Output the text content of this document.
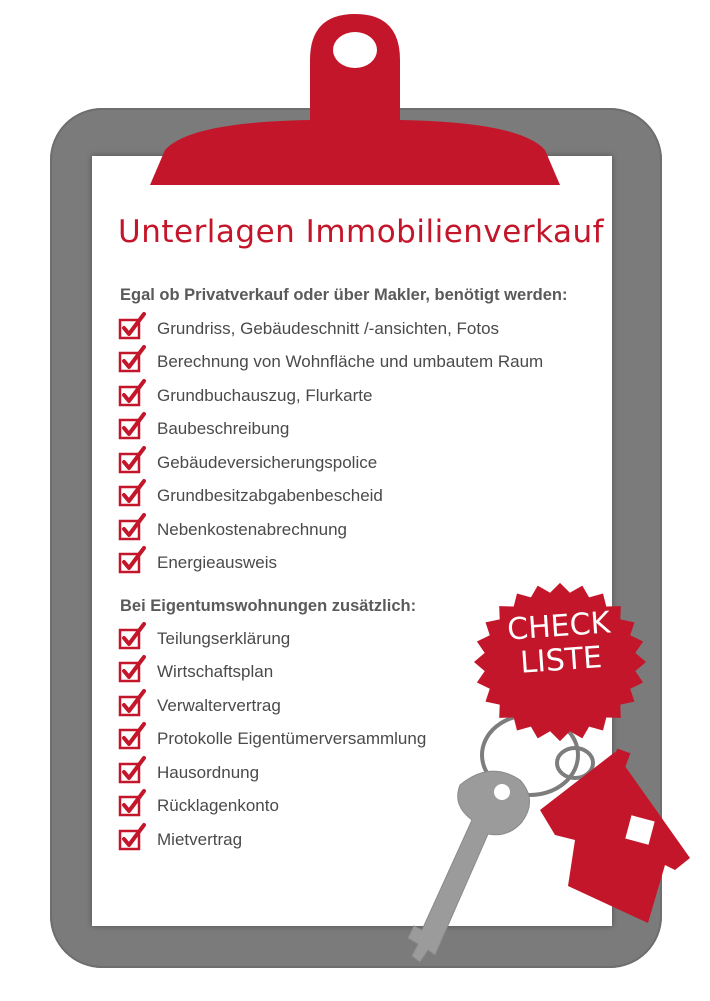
Unterlagen Immobilienverkauf
Egal ob Privatverkauf oder über Makler, benötigt werden:
Grundriss, Gebäudeschnitt /-ansichten, Fotos
Berechnung von Wohnfläche und umbautem Raum
Grundbuchauszug, Flurkarte
Baubeschreibung
Gebäudeversicherungspolice
Grundbesitzabgabenbescheid
Nebenkostenabrechnung
Energieausweis
Bei Eigentumswohnungen zusätzlich:
Teilungserklärung
Wirtschaftsplan
Verwaltervertrag
Protokolle Eigentümerversammlung
Hausordnung
Rücklagenkonto
Mietvertrag
CHECK
LISTE
Quelle: LBS
